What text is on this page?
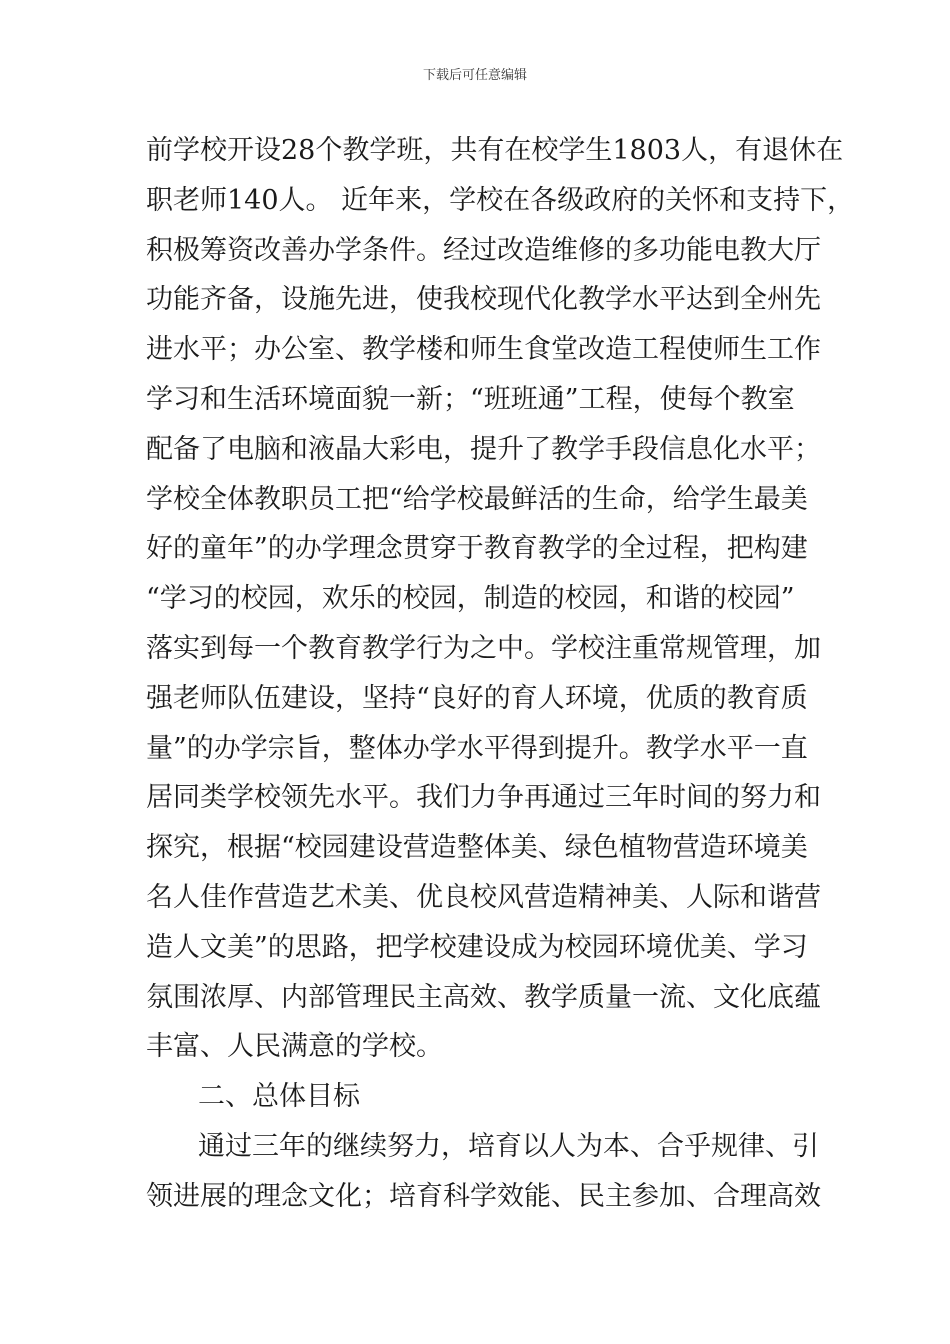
下载后可任意编辑
前学校开设28个教学班，共有在校学生1803人，有退休在
职老师140人。 近年来，学校在各级政府的关怀和支持下，
积极筹资改善办学条件。经过改造维修的多功能电教大厅
功能齐备，设施先进，使我校现代化教学水平达到全州先
进水平；办公室、教学楼和师生食堂改造工程使师生工作
学习和生活环境面貌一新；“班班通”工程，使每个教室
配备了电脑和液晶大彩电，提升了教学手段信息化水平；
学校全体教职员工把“给学校最鲜活的生命，给学生最美
好的童年”的办学理念贯穿于教育教学的全过程，把构建
“学习的校园，欢乐的校园，制造的校园，和谐的校园”
落实到每一个教育教学行为之中。学校注重常规管理，加
强老师队伍建设，坚持“良好的育人环境，优质的教育质
量”的办学宗旨，整体办学水平得到提升。教学水平一直
居同类学校领先水平。我们力争再通过三年时间的努力和
探究，根据“校园建设营造整体美、绿色植物营造环境美
名人佳作营造艺术美、优良校风营造精神美、人际和谐营
造人文美”的思路，把学校建设成为校园环境优美、学习
氛围浓厚、内部管理民主高效、教学质量一流、文化底蕴
丰富、人民满意的学校。
二、总体目标
通过三年的继续努力，培育以人为本、合乎规律、引
领进展的理念文化；培育科学效能、民主参加、合理高效
